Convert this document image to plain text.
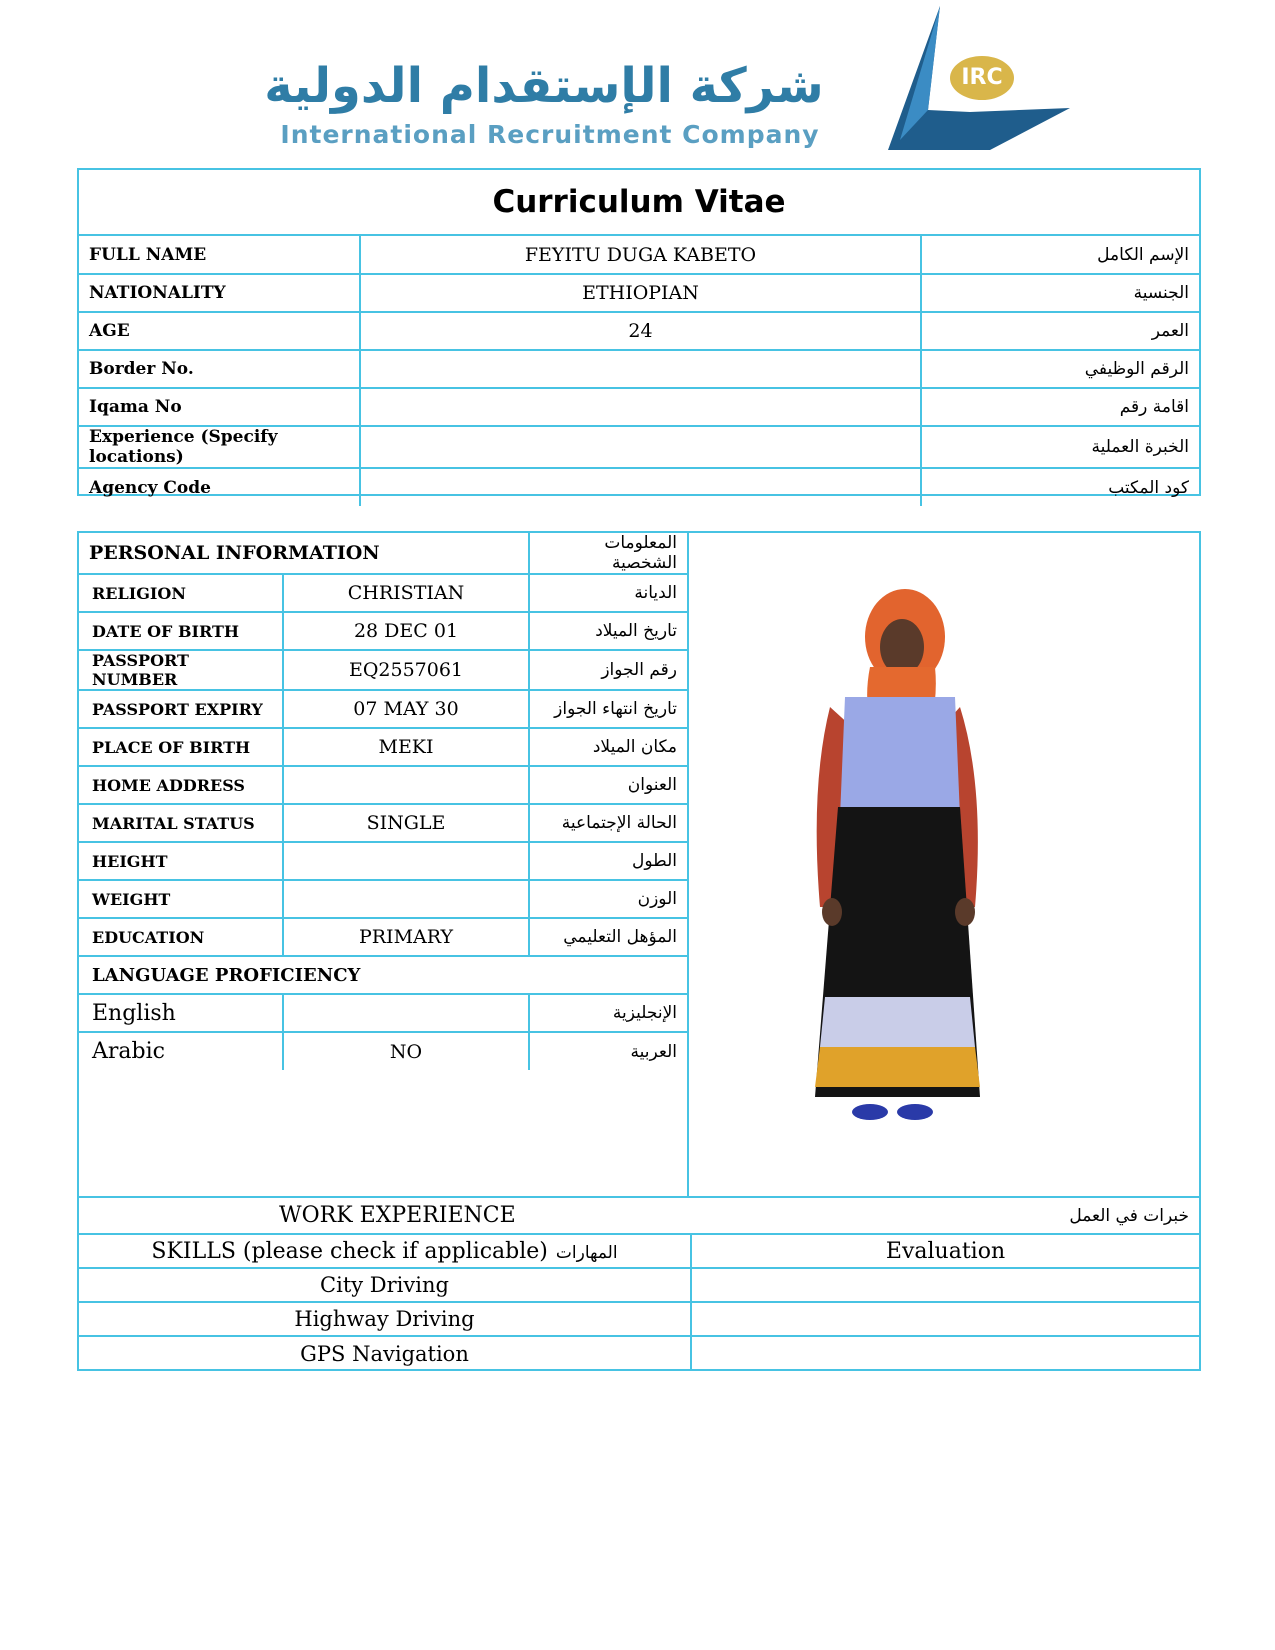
شركة الإستقدام الدولية
International Recruitment Company
IRC
Curriculum Vitae
FULL NAME	FEYITU DUGA KABETO	الإسم الكامل
NATIONALITY	ETHIOPIAN	الجنسية
AGE	24	العمر
Border No.		الرقم الوظيفي
Iqama No		اقامة رقم
Experience (Specify locations)		الخبرة العملية
Agency Code		كود المكتب
PERSONAL INFORMATION		المعلومات الشخصية
RELIGION	CHRISTIAN	الديانة
DATE OF BIRTH	28 DEC 01	تاريخ الميلاد
PASSPORT NUMBER	EQ2557061	رقم الجواز
PASSPORT EXPIRY	07 MAY 30	تاريخ انتهاء الجواز
PLACE OF BIRTH	MEKI	مكان الميلاد
HOME ADDRESS		العنوان
MARITAL STATUS	SINGLE	الحالة الإجتماعية
HEIGHT		الطول
WEIGHT		الوزن
EDUCATION	PRIMARY	المؤهل التعليمي
LANGUAGE PROFICIENCY		
English		الإنجليزية
Arabic	NO	العربية
WORK EXPERIENCE	خبرات في العمل
SKILLS (please check if applicable) المهارات	Evaluation
City Driving	
Highway Driving	
GPS Navigation	
